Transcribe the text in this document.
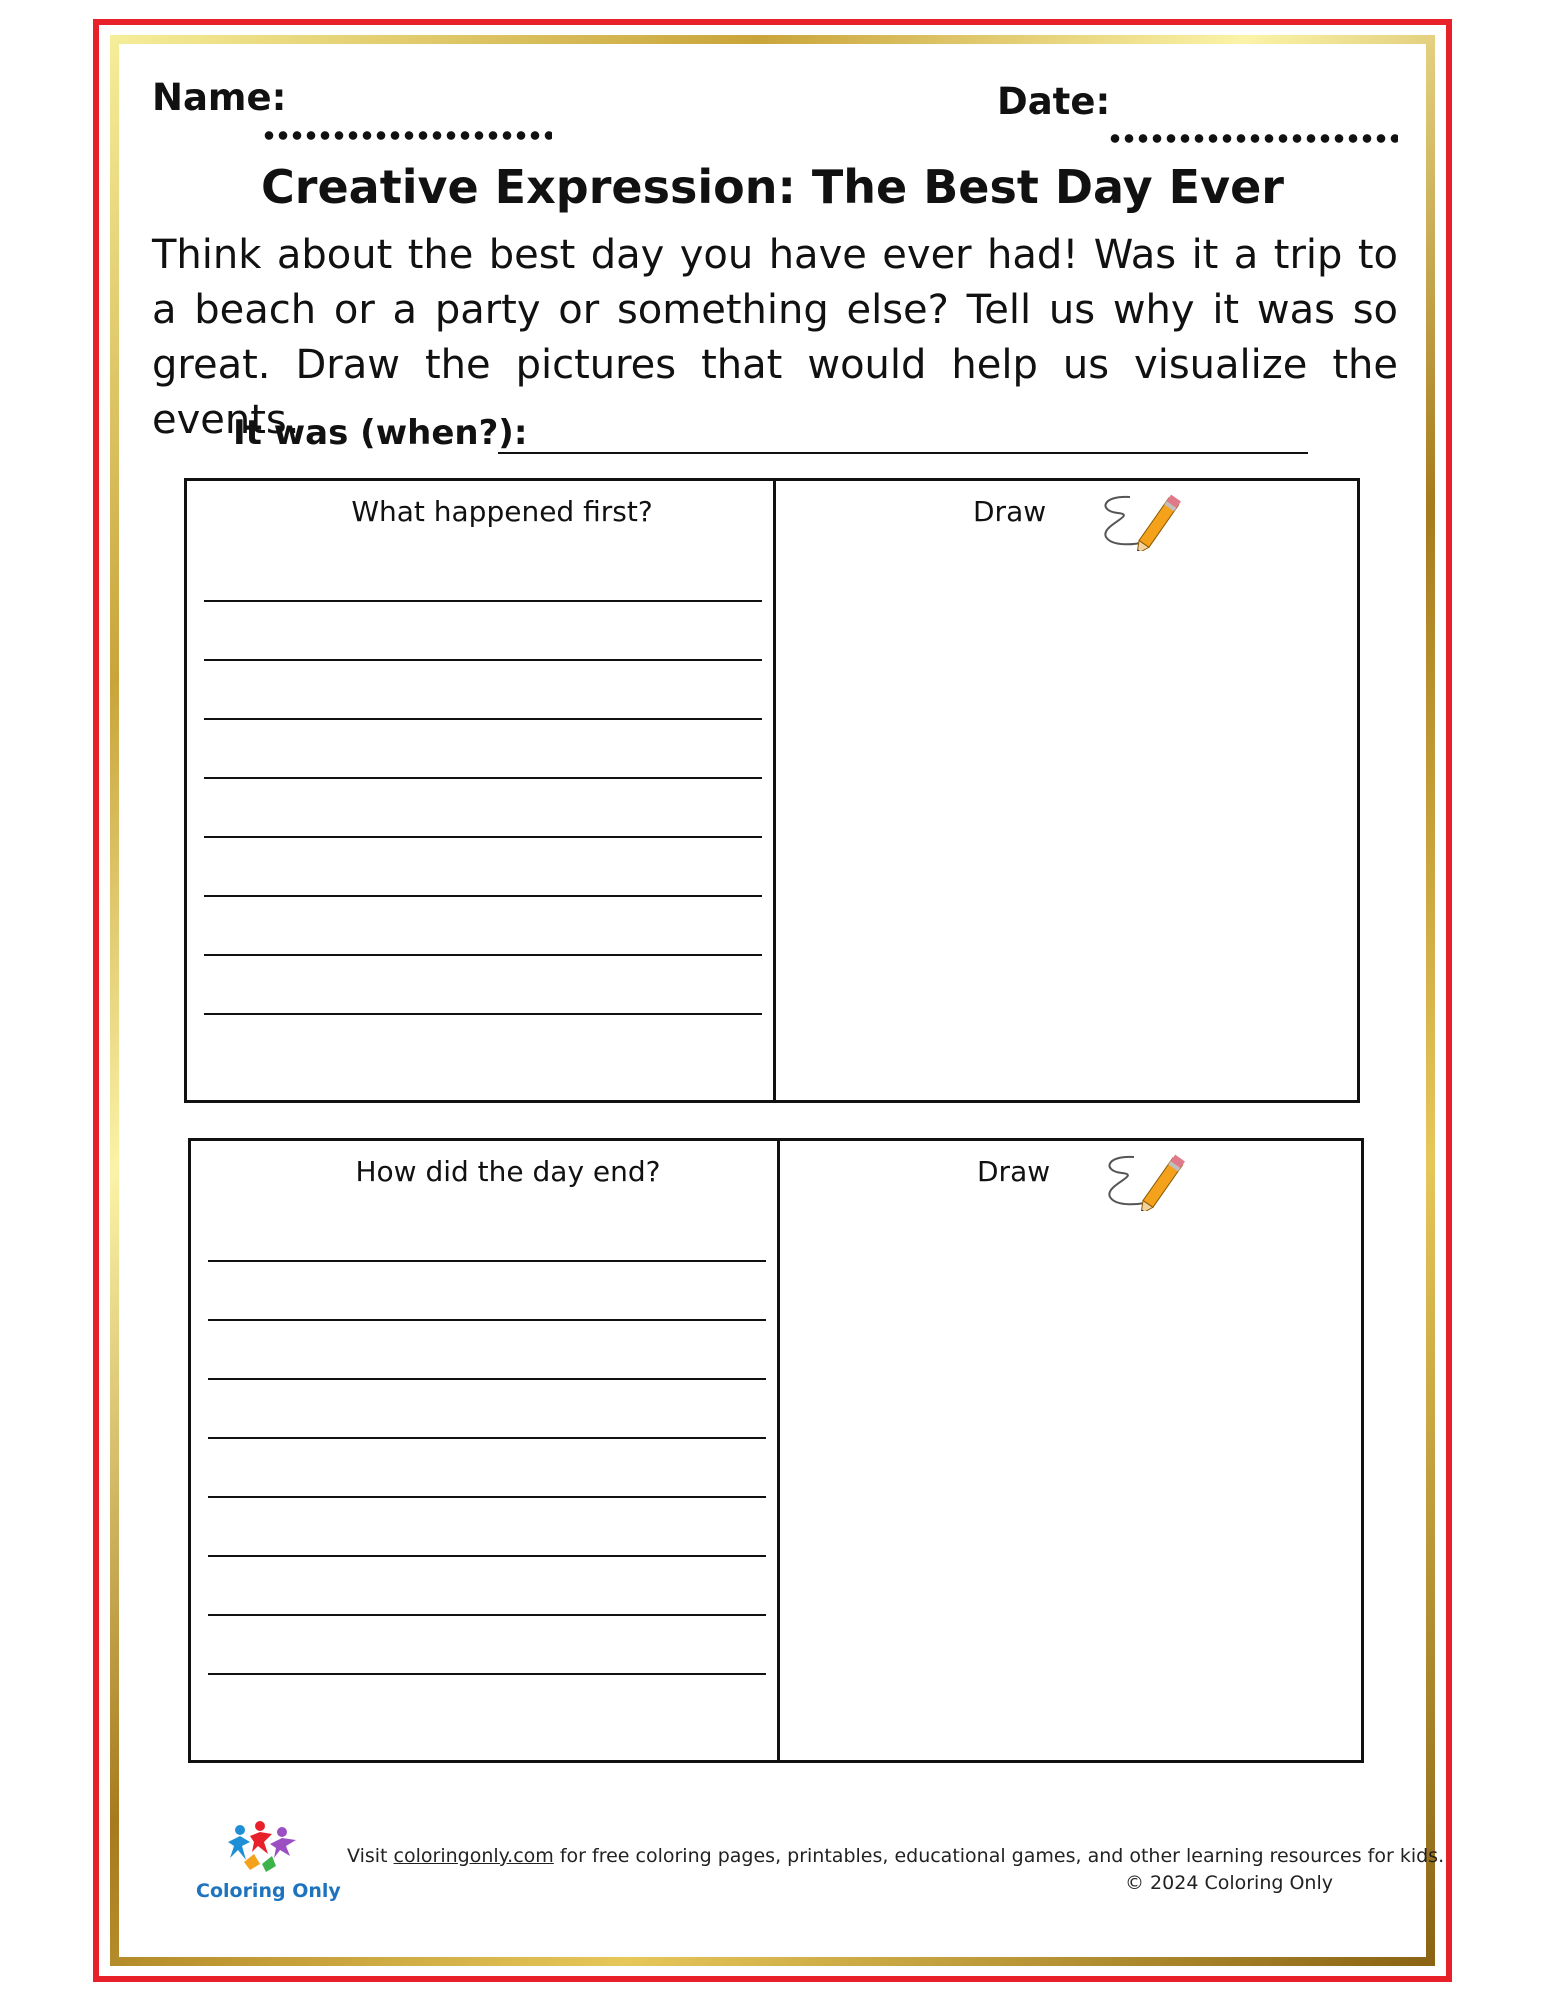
Name:	Date:
Creative Expression: The Best Day Ever
Think about the best day you have ever had! Was it a trip to a beach or a party or something else? Tell us why it was so great. Draw the pictures that would help us visualize the events.
It was (when?):
What happened first?	Draw
How did the day end?	Draw
Coloring Only
Visit coloringonly.com for free coloring pages, printables, educational games, and other learning resources for kids.
© 2024 Coloring Only
